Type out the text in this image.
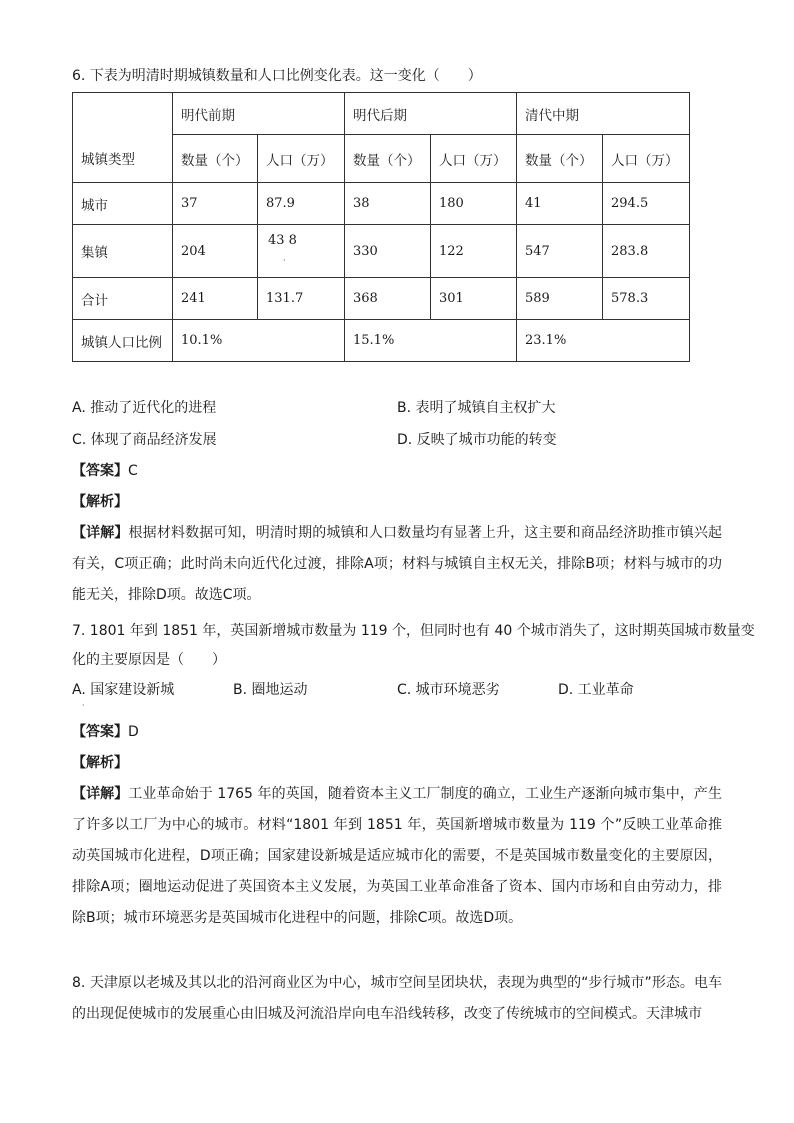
6. 下表为明清时期城镇数量和人口比例变化表。这一变化（　　）
城镇类型	明代前期		明代后期		清代中期	
	数量（个）	人口（万）	数量（个）	人口（万）	数量（个）	人口（万）
城市	37	87.9	38	180	41	294.5
集镇	204	43 8	330	122	547	283.8
合计	241	131.7	368	301	589	578.3
城镇人口比例	10.1%		15.1%		23.1%	
·
A. 推动了近代化的进程	B. 表明了城镇自主权扩大
C. 体现了商品经济发展	D. 反映了城市功能的转变
【答案】C
【解析】
【详解】根据材料数据可知，明清时期的城镇和人口数量均有显著上升，这主要和商品经济助推市镇兴起有关，C项正确；此时尚未向近代化过渡，排除A项；材料与城镇自主权无关，排除B项；材料与城市的功能无关，排除D项。故选C项。
7. 1801 年到 1851 年，英国新增城市数量为 119 个，但同时也有 40 个城市消失了，这时期英国城市数量变
化的主要原因是（　　）
A. 国家建设新城	B. 圈地运动	C. 城市环境恶劣	D. 工业革命
·
【答案】D
【解析】
【详解】工业革命始于 1765 年的英国，随着资本主义工厂制度的确立，工业生产逐渐向城市集中，产生了许多以工厂为中心的城市。材料“1801 年到 1851 年，英国新增城市数量为 119 个”反映工业革命推动英国城市化进程，D项正确；国家建设新城是适应城市化的需要，不是英国城市数量变化的主要原因，排除A项；圈地运动促进了英国资本主义发展，为英国工业革命准备了资本、国内市场和自由劳动力，排除B项；城市环境恶劣是英国城市化进程中的问题，排除C项。故选D项。
8. 天津原以老城及其以北的沿河商业区为中心，城市空间呈团块状，表现为典型的“步行城市”形态。电车的出现促使城市的发展重心由旧城及河流沿岸向电车沿线转移，改变了传统城市的空间模式。天津城市
